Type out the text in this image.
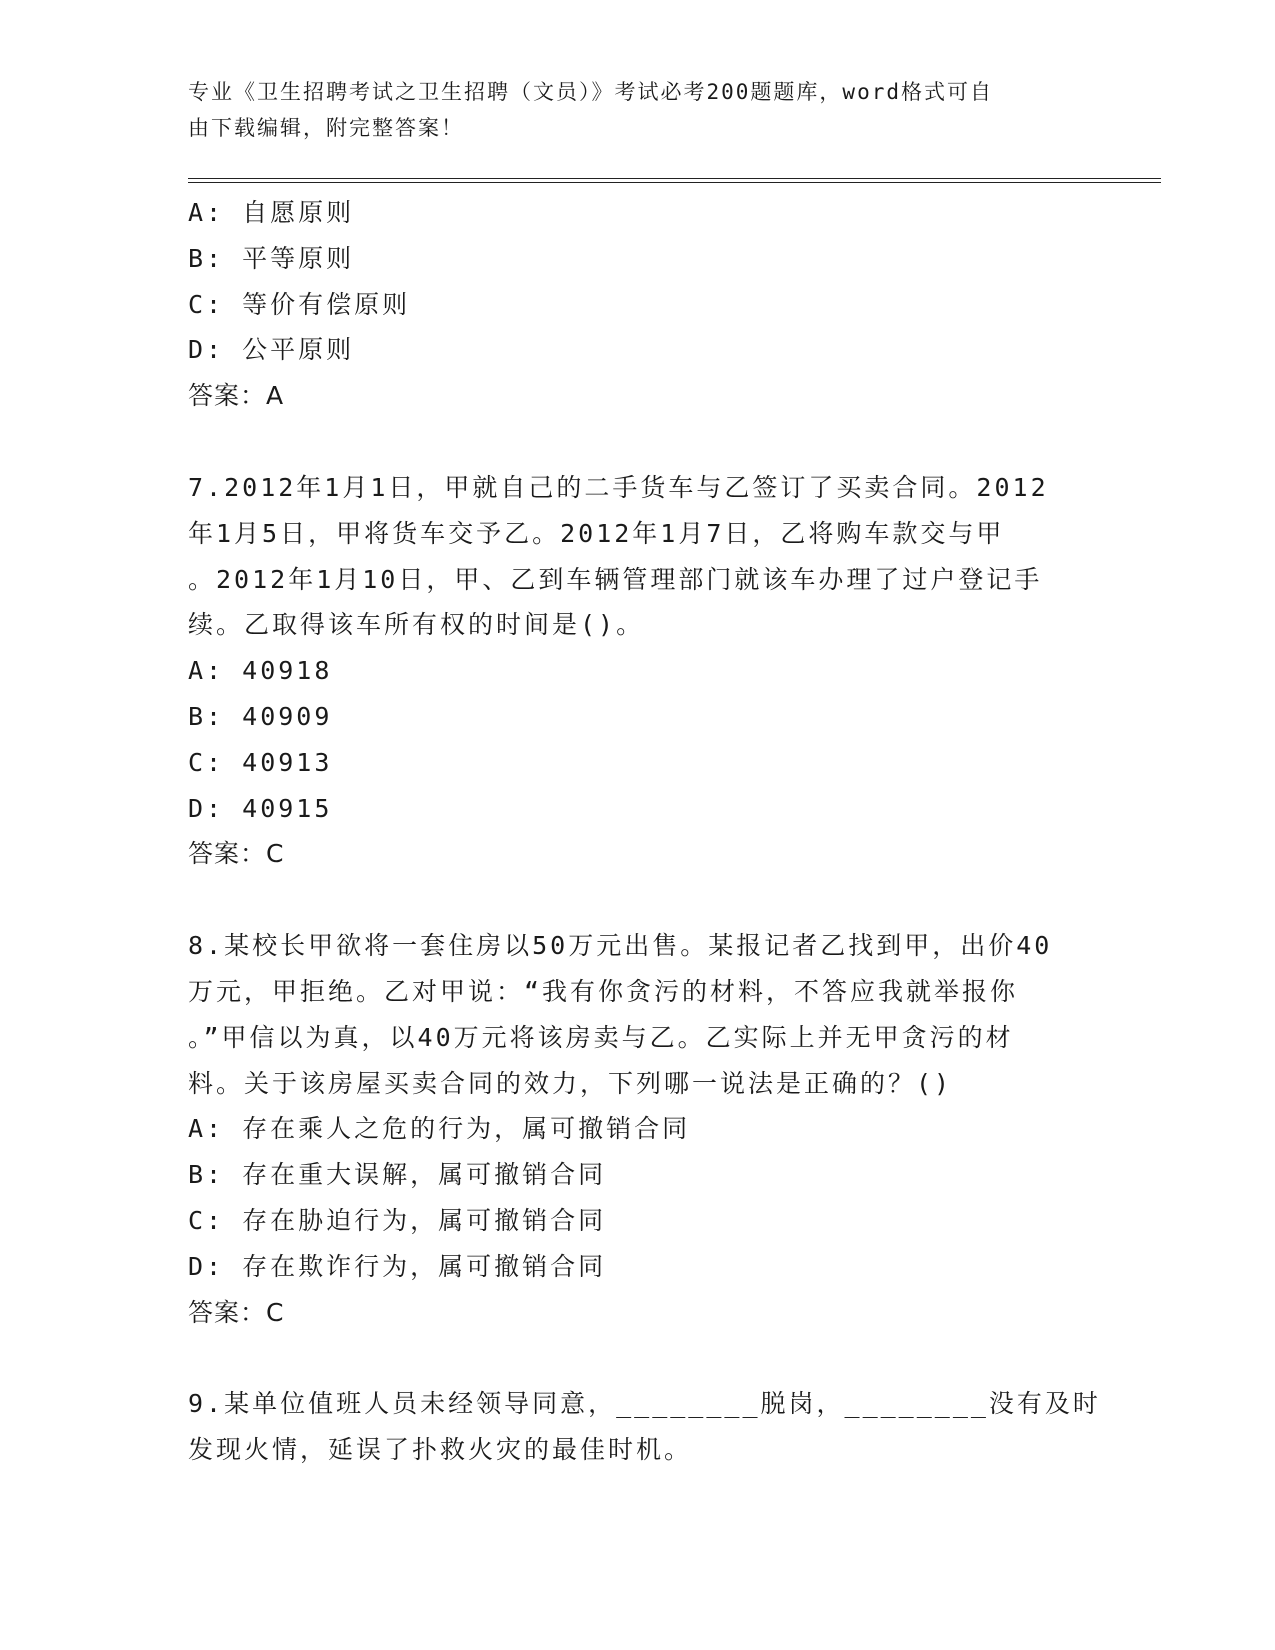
专业《卫生招聘考试之卫生招聘（文员）》考试必考200题题库，word格式可自
由下载编辑，附完整答案！
A: 自愿原则
B: 平等原则
C: 等价有偿原则
D: 公平原则
答案：A
7.2012年1月1日，甲就自己的二手货车与乙签订了买卖合同。2012
年1月5日，甲将货车交予乙。2012年1月7日，乙将购车款交与甲
。2012年1月10日，甲、乙到车辆管理部门就该车办理了过户登记手
续。乙取得该车所有权的时间是()。
A: 40918
B: 40909
C: 40913
D: 40915
答案：C
8.某校长甲欲将一套住房以50万元出售。某报记者乙找到甲，出价40
万元，甲拒绝。乙对甲说：“我有你贪污的材料，不答应我就举报你
。”甲信以为真，以40万元将该房卖与乙。乙实际上并无甲贪污的材
料。关于该房屋买卖合同的效力，下列哪一说法是正确的？()
A: 存在乘人之危的行为，属可撤销合同
B: 存在重大误解，属可撤销合同
C: 存在胁迫行为，属可撤销合同
D: 存在欺诈行为，属可撤销合同
答案：C
9.某单位值班人员未经领导同意，________脱岗，________没有及时
发现火情，延误了扑救火灾的最佳时机。
